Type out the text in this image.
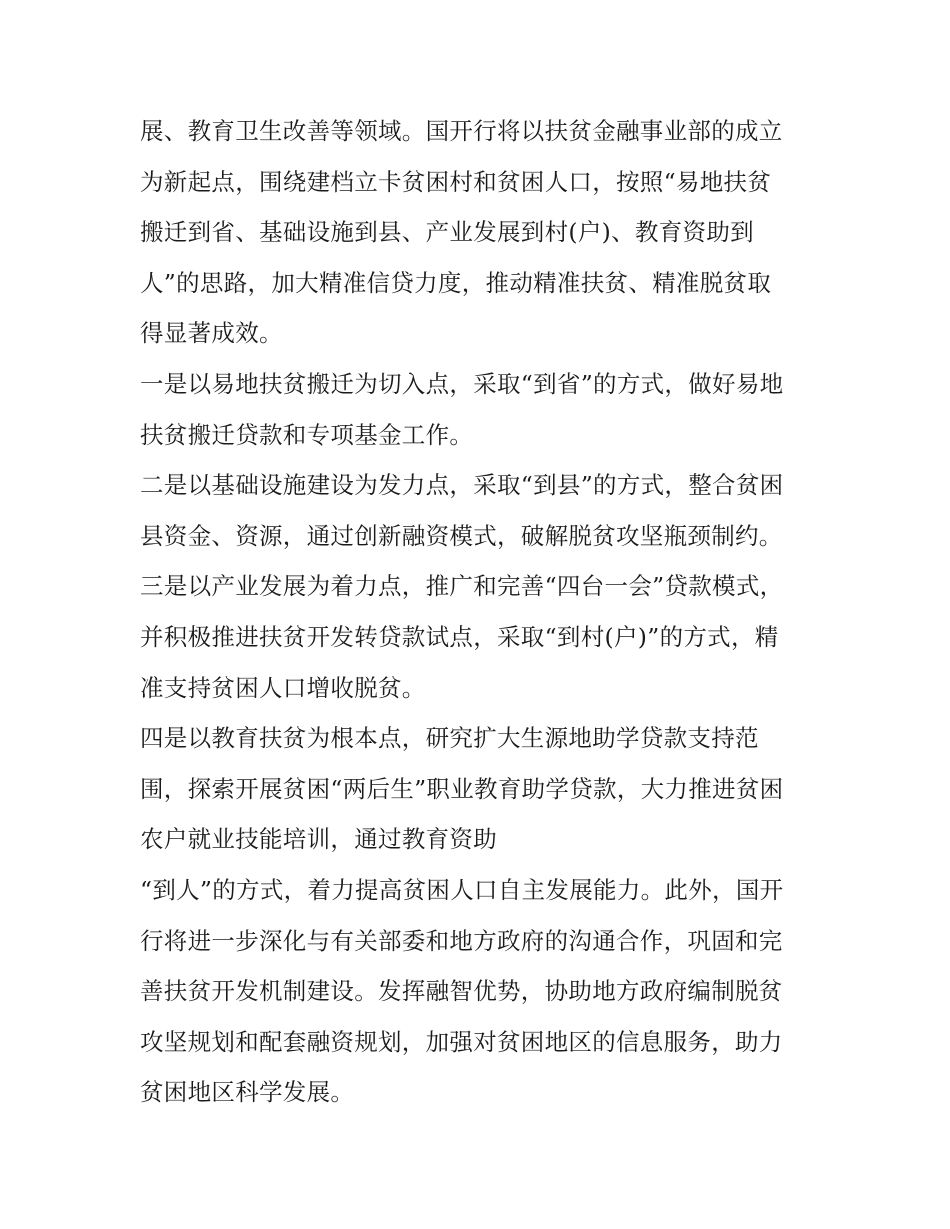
展、教育卫生改善等领域。国开行将以扶贫金融事业部的成立
为新起点，围绕建档立卡贫困村和贫困人口，按照“易地扶贫
搬迁到省、基础设施到县、产业发展到村(户)、教育资助到
人”的思路，加大精准信贷力度，推动精准扶贫、精准脱贫取
得显著成效。
一是以易地扶贫搬迁为切入点，采取“到省”的方式，做好易地
扶贫搬迁贷款和专项基金工作。
二是以基础设施建设为发力点，采取“到县”的方式，整合贫困
县资金、资源，通过创新融资模式，破解脱贫攻坚瓶颈制约。
三是以产业发展为着力点，推广和完善“四台一会”贷款模式，
并积极推进扶贫开发转贷款试点，采取“到村(户)”的方式，精
准支持贫困人口增收脱贫。
四是以教育扶贫为根本点，研究扩大生源地助学贷款支持范
围，探索开展贫困“两后生”职业教育助学贷款，大力推进贫困
农户就业技能培训，通过教育资助
“到人”的方式，着力提高贫困人口自主发展能力。此外，国开
行将进一步深化与有关部委和地方政府的沟通合作，巩固和完
善扶贫开发机制建设。发挥融智优势，协助地方政府编制脱贫
攻坚规划和配套融资规划，加强对贫困地区的信息服务，助力
贫困地区科学发展。
